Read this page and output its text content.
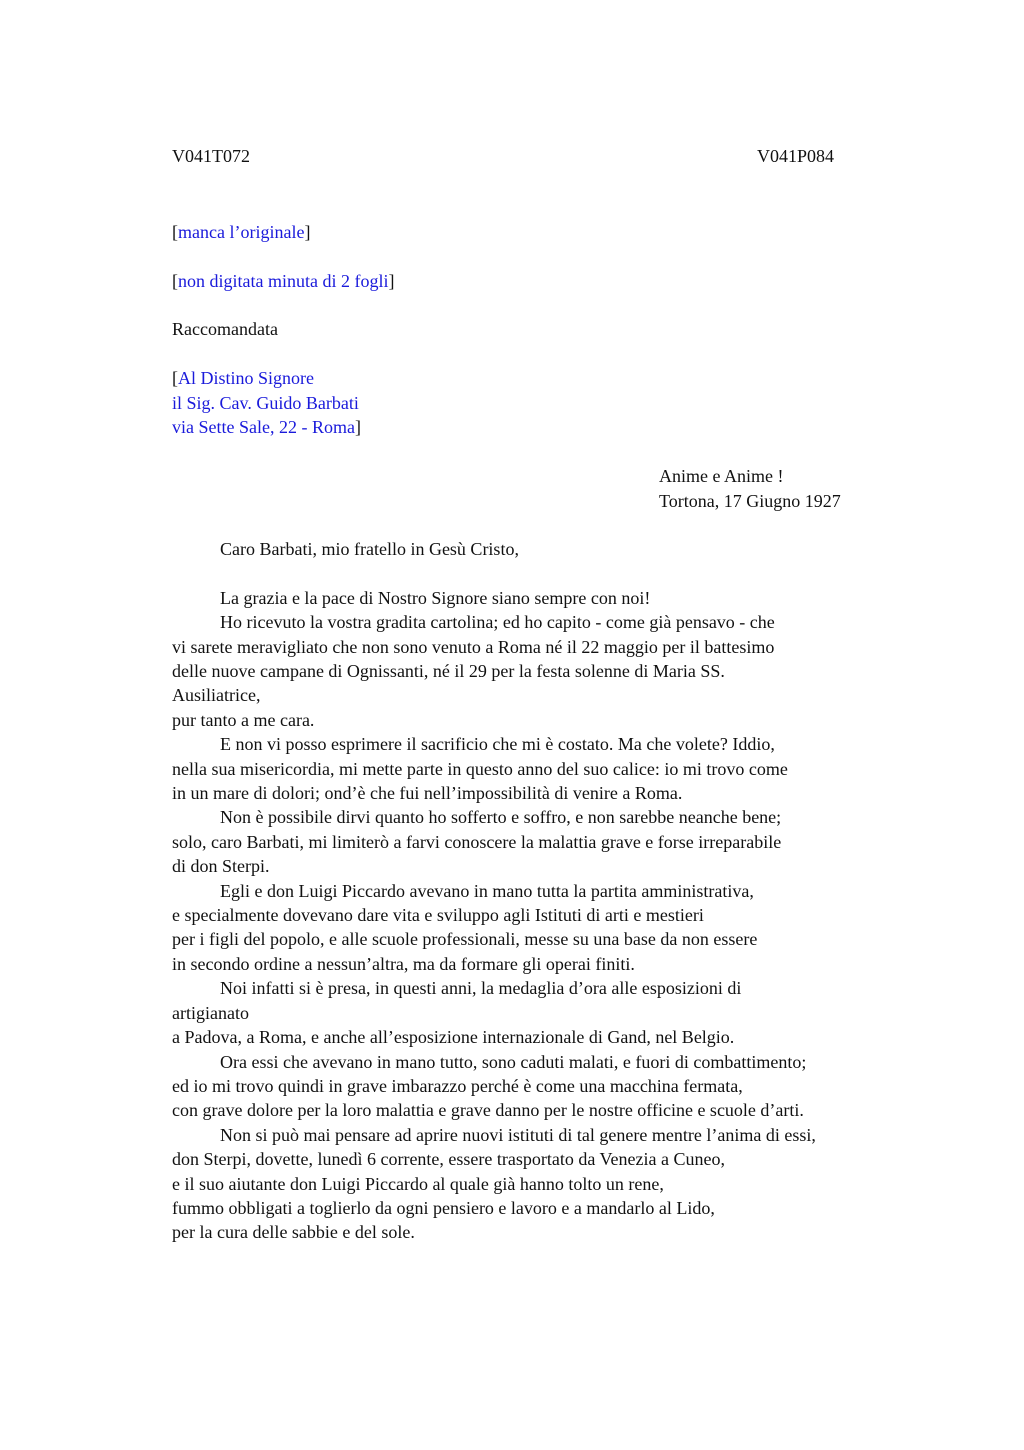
V041T072	V041P084
[manca l’originale]
[non digitata minuta di 2 fogli]
Raccomandata
[Al Distino Signore
il Sig. Cav. Guido Barbati
via Sette Sale, 22 - Roma]
Anime e Anime !
Tortona, 17 Giugno 1927
Caro Barbati, mio fratello in Gesù Cristo,
La grazia e la pace di Nostro Signore siano sempre con noi!
Ho ricevuto la vostra gradita cartolina; ed ho capito - come già pensavo - che
vi sarete meravigliato che non sono venuto a Roma né il 22 maggio per il battesimo
delle nuove campane di Ognissanti, né il 29 per la festa solenne di Maria SS.
Ausiliatrice,
pur tanto a me cara.
E non vi posso esprimere il sacrificio che mi è costato. Ma che volete? Iddio,
nella sua misericordia, mi mette parte in questo anno del suo calice: io mi trovo come
in un mare di dolori; ond’è che fui nell’impossibilità di venire a Roma.
Non è possibile dirvi quanto ho sofferto e soffro, e non sarebbe neanche bene;
solo, caro Barbati, mi limiterò a farvi conoscere la malattia grave e forse irreparabile
di don Sterpi.
Egli e don Luigi Piccardo avevano in mano tutta la partita amministrativa,
e specialmente dovevano dare vita e sviluppo agli Istituti di arti e mestieri
per i figli del popolo, e alle scuole professionali, messe su una base da non essere
in secondo ordine a nessun’altra, ma da formare gli operai finiti.
Noi infatti si è presa, in questi anni, la medaglia d’ora alle esposizioni di
artigianato
a Padova, a Roma, e anche all’esposizione internazionale di Gand, nel Belgio.
Ora essi che avevano in mano tutto, sono caduti malati, e fuori di combattimento;
ed io mi trovo quindi in grave imbarazzo perché è come una macchina fermata,
con grave dolore per la loro malattia e grave danno per le nostre officine e scuole d’arti.
Non si può mai pensare ad aprire nuovi istituti di tal genere mentre l’anima di essi,
don Sterpi, dovette, lunedì 6 corrente, essere trasportato da Venezia a Cuneo,
e il suo aiutante don Luigi Piccardo al quale già hanno tolto un rene,
fummo obbligati a toglierlo da ogni pensiero e lavoro e a mandarlo al Lido,
per la cura delle sabbie e del sole.
